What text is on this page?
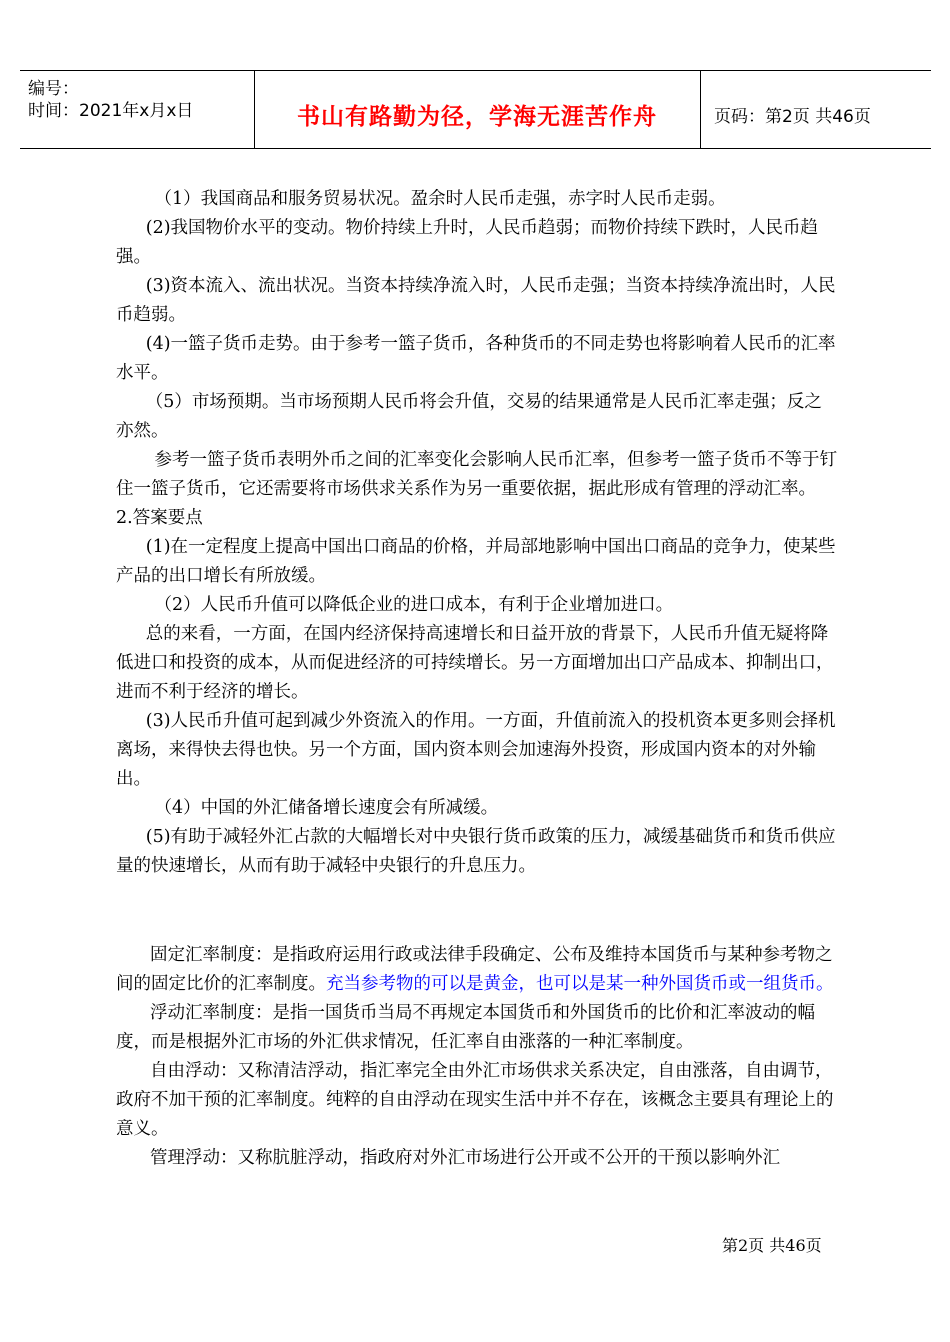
编号：
时间：2021年x月x日	书山有路勤为径，学海无涯苦作舟	页码：第2页 共46页

（1）我国商品和服务贸易状况。盈余时人民币走强，赤字时人民币走弱。

(2)我国物价水平的变动。物价持续上升时，人民币趋弱；而物价持续下跌时，人民币趋强。

(3)资本流入、流出状况。当资本持续净流入时，人民币走强；当资本持续净流出时，人民币趋弱。

(4)一篮子货币走势。由于参考一篮子货币，各种货币的不同走势也将影响着人民币的汇率水平。

（5）市场预期。当市场预期人民币将会升值，交易的结果通常是人民币汇率走强；反之亦然。

参考一篮子货币表明外币之间的汇率变化会影响人民币汇率，但参考一篮子货币不等于钉住一篮子货币，它还需要将市场供求关系作为另一重要依据，据此形成有管理的浮动汇率。

2.答案要点

(1)在一定程度上提高中国出口商品的价格，并局部地影响中国出口商品的竞争力，使某些产品的出口增长有所放缓。

（2）人民币升值可以降低企业的进口成本，有利于企业增加进口。

总的来看，一方面，在国内经济保持高速增长和日益开放的背景下，人民币升值无疑将降低进口和投资的成本，从而促进经济的可持续增长。另一方面增加出口产品成本、抑制出口，进而不利于经济的增长。

(3)人民币升值可起到减少外资流入的作用。一方面，升值前流入的投机资本更多则会择机离场，来得快去得也快。另一个方面，国内资本则会加速海外投资，形成国内资本的对外输出。

（4）中国的外汇储备增长速度会有所减缓。

(5)有助于减轻外汇占款的大幅增长对中央银行货币政策的压力，减缓基础货币和货币供应量的快速增长，从而有助于减轻中央银行的升息压力。

固定汇率制度：是指政府运用行政或法律手段确定、公布及维持本国货币与某种参考物之间的固定比价的汇率制度。充当参考物的可以是黄金，也可以是某一种外国货币或一组货币。

浮动汇率制度：是指一国货币当局不再规定本国货币和外国货币的比价和汇率波动的幅度，而是根据外汇市场的外汇供求情况，任汇率自由涨落的一种汇率制度。

自由浮动：又称清洁浮动，指汇率完全由外汇市场供求关系决定，自由涨落，自由调节，政府不加干预的汇率制度。纯粹的自由浮动在现实生活中并不存在，该概念主要具有理论上的意义。

管理浮动：又称肮脏浮动，指政府对外汇市场进行公开或不公开的干预以影响外汇

第2页 共46页
